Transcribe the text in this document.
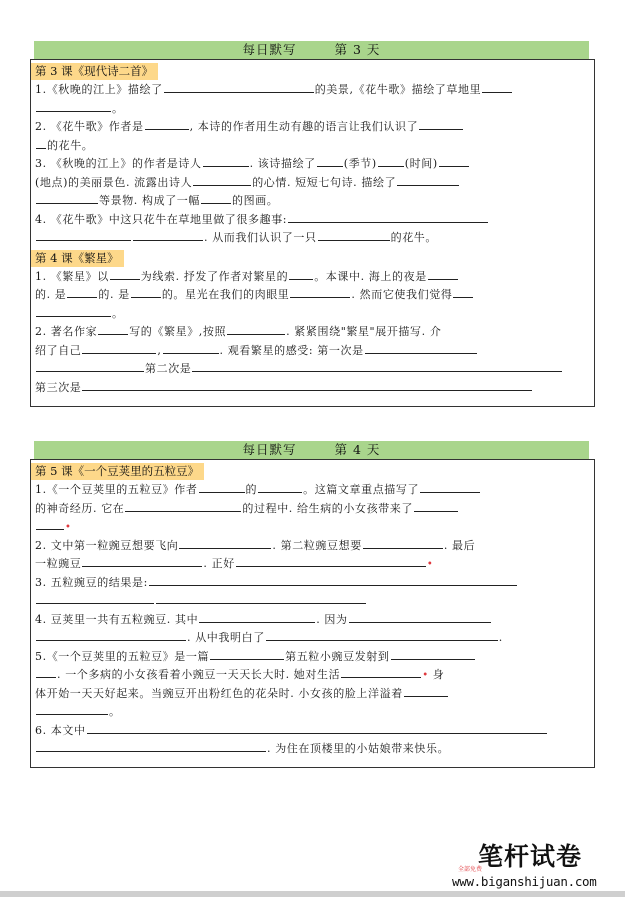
每日默写	第 3 天
第 3 课《现代诗二首》
1.《秋晚的江上》描绘了	的美景,《花牛歌》描绘了草地里
。
2. 《花牛歌》作者是	, 本诗的作者用生动有趣的语言让我们认识了
的花牛。
3. 《秋晚的江上》的作者是诗人	. 该诗描绘了	(季节)	(时间)
(地点)的美丽景色. 流露出诗人	的心情. 短短七句诗. 描绘了
等景物. 构成了一幅	的图画。
4. 《花牛歌》中这只花牛在草地里做了很多趣事:
. 从而我们认识了一只	的花牛。
第 4 课《繁星》
1. 《繁星》以	为线索. 抒发了作者对繁星的 。本课中. 海上的夜是
的. 是	的. 是	的。星光在我们的肉眼里	. 然而它使我们觉得
。
2. 著名作家	写的《繁星》,按照	. 紧紧围绕"繁星"展开描写. 介
绍了自己	,	. 观看繁星的感受: 第一次是
第二次是
第三次是
每日默写	第 4 天
第 5 课《一个豆荚里的五粒豆》
1.《一个豆荚里的五粒豆》作者	的	。这篇文章重点描写了
的神奇经历. 它在	的过程中. 给生病的小女孩带来了
•
2. 文中第一粒豌豆想要飞向	. 第二粒豌豆想要	. 最后
一粒豌豆	. 正好	•
3. 五粒豌豆的结果是:
4. 豆荚里一共有五粒豌豆. 其中	. 因为
. 从中我明白了	.
5.《一个豆荚里的五粒豆》是一篇	第五粒小豌豆发射到
. 一个多病的小女孩看着小豌豆一天天长大时. 她对生活	• 身
体开始一天天好起来。当豌豆开出粉红色的花朵时. 小女孩的脸上洋溢着
。
6. 本文中
. 为住在顶楼里的小姑娘带来快乐。
笔杆试卷
全部免费
www.biganshijuan.com
